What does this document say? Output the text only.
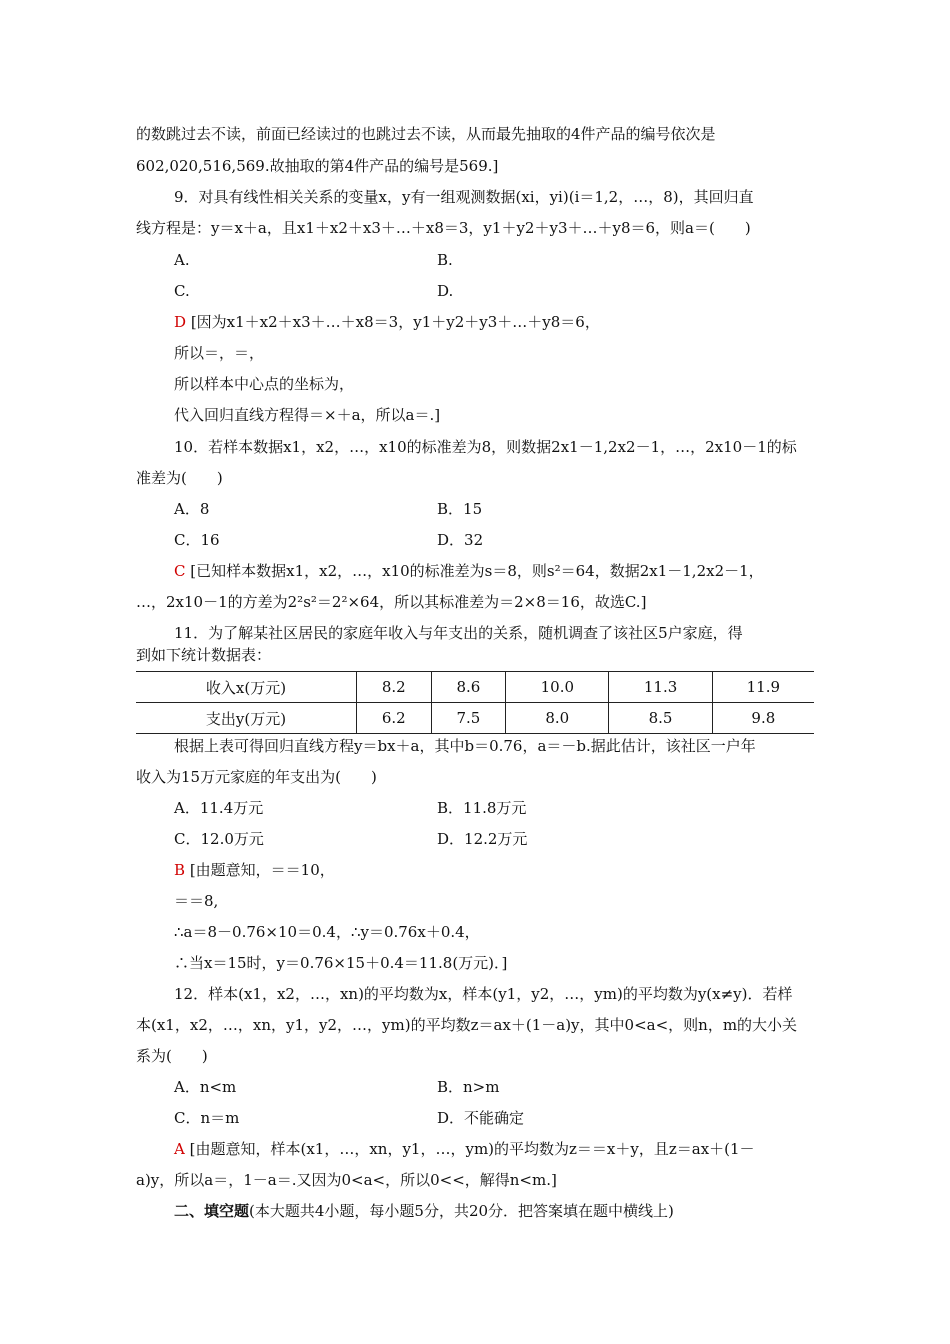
的数跳过去不读，前面已经读过的也跳过去不读，从而最先抽取的4件产品的编号依次是
602,020,516,569.故抽取的第4件产品的编号是569.]
9．对具有线性相关关系的变量x，y有一组观测数据(xi，yi)(i＝1,2，…，8)，其回归直
线方程是：y＝x＋a，且x1＋x2＋x3＋…＋x8＝3，y1＋y2＋y3＋…＋y8＝6，则a＝(　　)
A.	B.
C.	D.
D [因为x1＋x2＋x3＋…＋x8＝3，y1＋y2＋y3＋…＋y8＝6，
所以＝，＝，
所以样本中心点的坐标为，
代入回归直线方程得＝×＋a，所以a＝.]
10．若样本数据x1，x2，…，x10的标准差为8，则数据2x1－1,2x2－1，…，2x10－1的标
准差为(　　)
A．8	B．15
C．16	D．32
C [已知样本数据x1，x2，…，x10的标准差为s＝8，则s²＝64，数据2x1－1,2x2－1，
…，2x10－1的方差为2²s²＝2²×64，所以其标准差为＝2×8＝16，故选C.]
11．为了解某社区居民的家庭年收入与年支出的关系，随机调查了该社区5户家庭，得
到如下统计数据表：
收入x(万元)	8.2	8.6	10.0	11.3	11.9
支出y(万元)	6.2	7.5	8.0	8.5	9.8
根据上表可得回归直线方程y＝bx＋a，其中b＝0.76，a＝－b.据此估计，该社区一户年
收入为15万元家庭的年支出为(　　)
A．11.4万元	B．11.8万元
C．12.0万元	D．12.2万元
B [由题意知，＝＝10，
＝＝8,
∴a＝8－0.76×10＝0.4，∴y＝0.76x＋0.4，
∴当x＝15时，y＝0.76×15＋0.4＝11.8(万元)．]
12．样本(x1，x2，…，xn)的平均数为x，样本(y1，y2，…，ym)的平均数为y(x≠y)．若样
本(x1，x2，…，xn，y1，y2，…，ym)的平均数z＝ax＋(1－a)y，其中0<a<，则n，m的大小关
系为(　　)
A．n<m	B．n>m
C．n＝m	D．不能确定
A [由题意知，样本(x1，…，xn，y1，…，ym)的平均数为z＝＝x＋y，且z＝ax＋(1－
a)y，所以a＝，1－a＝.又因为0<a<，所以0<<，解得n<m.]
二、填空题(本大题共4小题，每小题5分，共20分．把答案填在题中横线上)
